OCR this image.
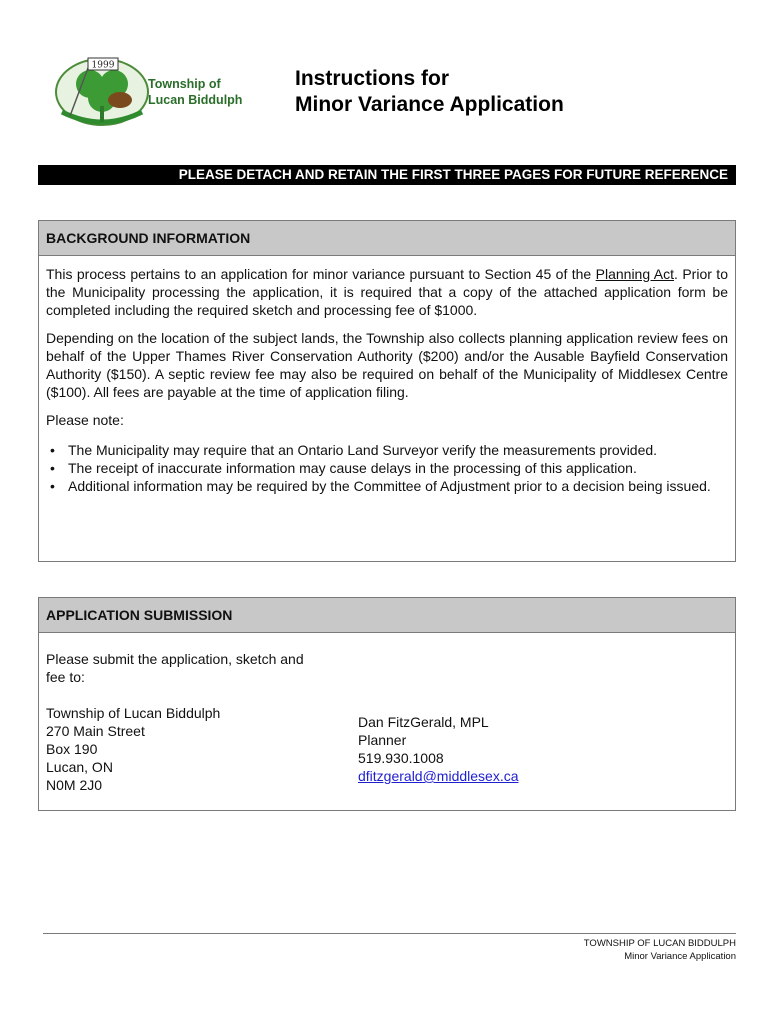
1999
Township of
Lucan Biddulph
Instructions for
Minor Variance Application
PLEASE DETACH AND RETAIN THE FIRST THREE PAGES FOR FUTURE REFERENCE
BACKGROUND INFORMATION

This process pertains to an application for minor variance pursuant to Section 45 of the Planning Act. Prior to the Municipality processing the application, it is required that a copy of the attached application form be completed including the required sketch and processing fee of $1000.

Depending on the location of the subject lands, the Township also collects planning application review fees on behalf of the Upper Thames River Conservation Authority ($200) and/or the Ausable Bayfield Conservation Authority ($150). A septic review fee may also be required on behalf of the Municipality of Middlesex Centre ($100). All fees are payable at the time of application filing.

Please note:

• The Municipality may require that an Ontario Land Surveyor verify the measurements provided.
• The receipt of inaccurate information may cause delays in the processing of this application.
• Additional information may be required by the Committee of Adjustment prior to a decision being issued.
APPLICATION SUBMISSION
Please submit the application, sketch and
fee to:
Township of Lucan Biddulph
270 Main Street
Box 190
Lucan, ON
N0M 2J0
Dan FitzGerald, MPL
Planner
519.930.1008
dfitzgerald@middlesex.ca
TOWNSHIP OF LUCAN BIDDULPH
Minor Variance Application
